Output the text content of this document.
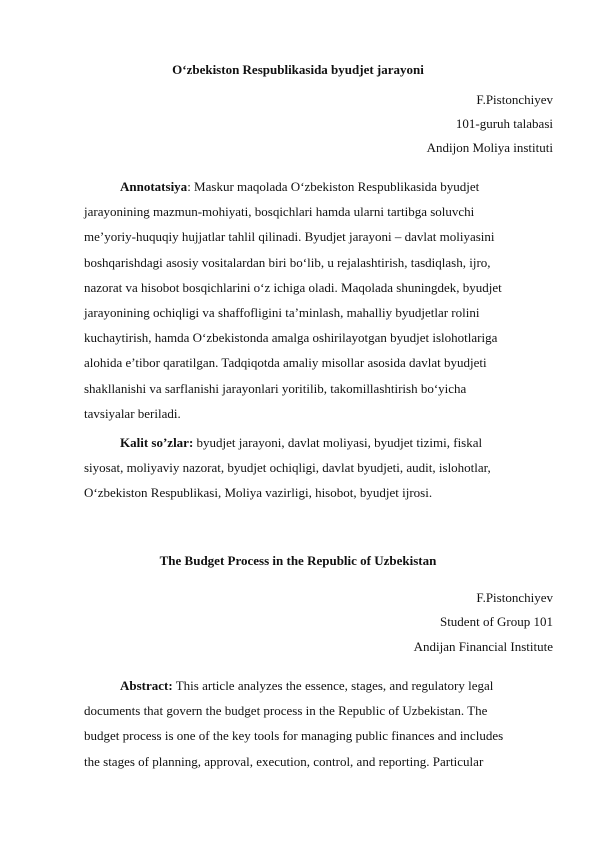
O‘zbekiston Respublikasida byudjet jarayoni
F.Pistonchiyev
101-guruh talabasi
Andijon Moliya instituti
Annotatsiya: Maskur maqolada O‘zbekiston Respublikasida byudjet
jarayonining mazmun-mohiyati, bosqichlari hamda ularni tartibga soluvchi
me’yoriy-huquqiy hujjatlar tahlil qilinadi. Byudjet jarayoni – davlat moliyasini
boshqarishdagi asosiy vositalardan biri bo‘lib, u rejalashtirish, tasdiqlash, ijro,
nazorat va hisobot bosqichlarini o‘z ichiga oladi. Maqolada shuningdek, byudjet
jarayonining ochiqligi va shaffofligini ta’minlash, mahalliy byudjetlar rolini
kuchaytirish, hamda O‘zbekistonda amalga oshirilayotgan byudjet islohotlariga
alohida e’tibor qaratilgan. Tadqiqotda amaliy misollar asosida davlat byudjeti
shakllanishi va sarflanishi jarayonlari yoritilib, takomillashtirish bo‘yicha
tavsiyalar beriladi.
Kalit so’zlar: byudjet jarayoni, davlat moliyasi, byudjet tizimi, fiskal
siyosat, moliyaviy nazorat, byudjet ochiqligi, davlat byudjeti, audit, islohotlar,
O‘zbekiston Respublikasi, Moliya vazirligi, hisobot, byudjet ijrosi.
The Budget Process in the Republic of Uzbekistan
F.Pistonchiyev
Student of Group 101
Andijan Financial Institute
Abstract: This article analyzes the essence, stages, and regulatory legal
documents that govern the budget process in the Republic of Uzbekistan. The
budget process is one of the key tools for managing public finances and includes
the stages of planning, approval, execution, control, and reporting. Particular
